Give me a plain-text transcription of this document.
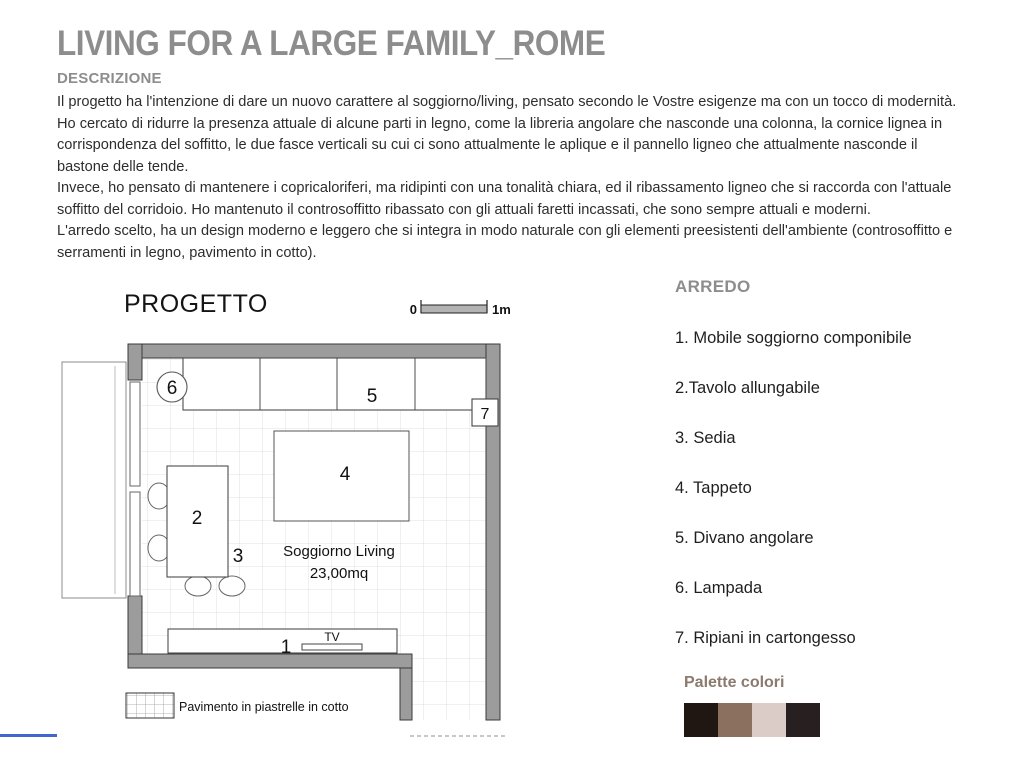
LIVING FOR A LARGE FAMILY_ROME
DESCRIZIONE

Il progetto ha l'intenzione di dare un nuovo carattere al soggiorno/living, pensato secondo le Vostre esigenze ma con un tocco di modernità. Ho cercato di ridurre la presenza attuale di alcune parti in legno, come la libreria angolare che nasconde una colonna, la cornice lignea in corrispondenza del soffitto, le due fasce verticali su cui ci sono attualmente le aplique e il pannello ligneo che attualmente nasconde il bastone delle tende.

Invece, ho pensato di mantenere i copricaloriferi, ma ridipinti con una tonalità chiara, ed il ribassamento ligneo che si raccorda con l'attuale soffitto del corridoio. Ho mantenuto il controsoffitto ribassato con gli attuali faretti incassati, che sono sempre attuali e moderni.

L'arredo scelto, ha un design moderno e leggero che si integra in modo naturale con gli elementi preesistenti dell'ambiente (controsoffitto e serramenti in legno, pavimento in cotto).

PROGETTO	0	1m
5
7
6
4
2
3	Soggiorno Living
23,00mq
1	TV
Pavimento in piastrelle in cotto
ARREDO
1. Mobile soggiorno componibile
2.Tavolo allungabile
3. Sedia
4. Tappeto
5. Divano angolare
6. Lampada
7. Ripiani in cartongesso
Palette colori
